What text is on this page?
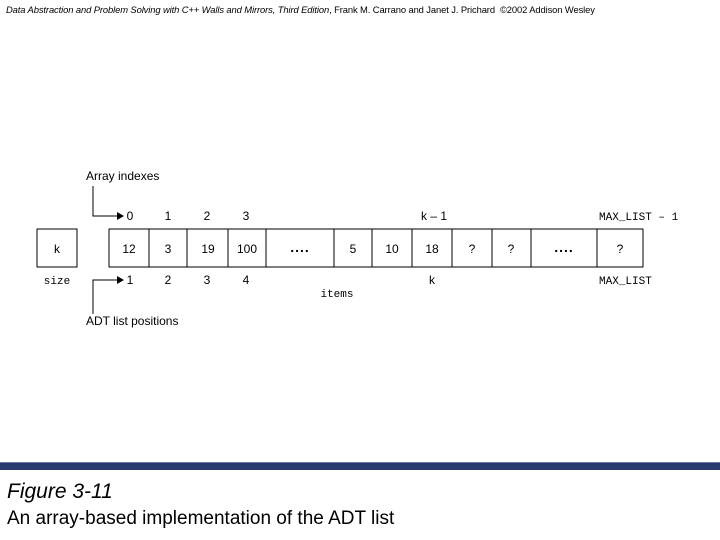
Data Abstraction and Problem Solving with C++ Walls and Mirrors, Third Edition, Frank M. Carrano and Janet J. Prichard ©2002 Addison Wesley
Array indexes
k
size
12 3 19 100 ....	5 10 18 ?	?	....	?
0	1	2	3	k – 1	MAX_LIST – 1
1	2	3	4	k	MAX_LIST
items
ADT list positions
Figure 3-11
An array-based implementation of the ADT list
